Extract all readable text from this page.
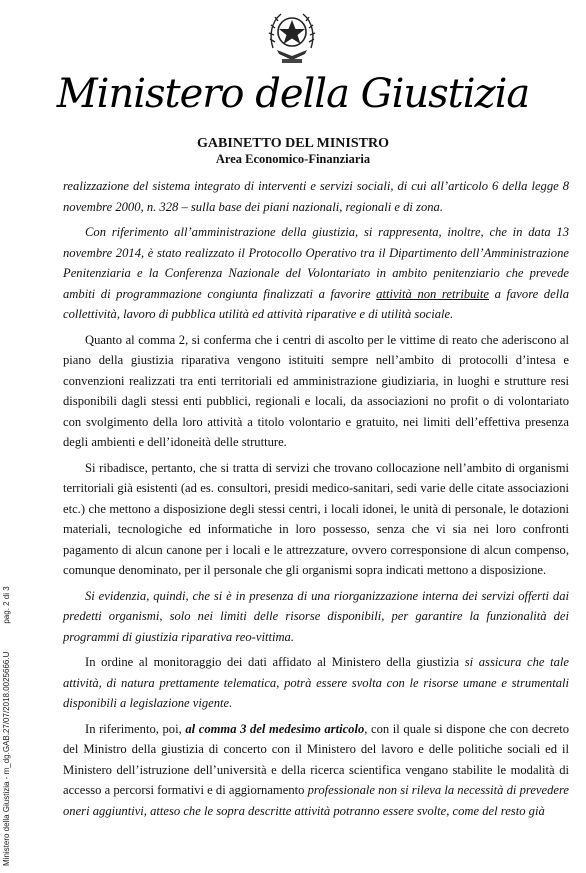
Ministero della Giustizia
GABINETTO DEL MINISTRO
Area Economico-Finanziaria

realizzazione del sistema integrato di interventi e servizi sociali, di cui all’articolo 6 della legge 8 novembre 2000, n. 328 – sulla base dei piani nazionali, regionali e di zona.

Con riferimento all’amministrazione della giustizia, si rappresenta, inoltre, che in data 13 novembre 2014, è stato realizzato il Protocollo Operativo tra il Dipartimento dell’Amministrazione Penitenziaria e la Conferenza Nazionale del Volontariato in ambito penitenziario che prevede ambiti di programmazione congiunta finalizzati a favorire attività non retribuite a favore della collettività, lavoro di pubblica utilità ed attività riparative e di utilità sociale.

Quanto al comma 2, si conferma che i centri di ascolto per le vittime di reato che aderiscono al piano della giustizia riparativa vengono istituiti sempre nell’ambito di protocolli d’intesa e convenzioni realizzati tra enti territoriali ed amministrazione giudiziaria, in luoghi e strutture resi disponibili dagli stessi enti pubblici, regionali e locali, da associazioni no profit o di volontariato con svolgimento della loro attività a titolo volontario e gratuito, nei limiti dell’effettiva presenza degli ambienti e dell’idoneità delle strutture.

Si ribadisce, pertanto, che si tratta di servizi che trovano collocazione nell’ambito di organismi territoriali già esistenti (ad es. consultori, presidi medico-sanitari, sedi varie delle citate associazioni etc.) che mettono a disposizione degli stessi centri, i locali idonei, le unità di personale, le dotazioni materiali, tecnologiche ed informatiche in loro possesso, senza che vi sia nei loro confronti pagamento di alcun canone per i locali e le attrezzature, ovvero corresponsione di alcun compenso, comunque denominato, per il personale che gli organismi sopra indicati mettono a disposizione.

Si evidenzia, quindi, che si è in presenza di una riorganizzazione interna dei servizi offerti dai predetti organismi, solo nei limiti delle risorse disponibili, per garantire la funzionalità dei programmi di giustizia riparativa reo-vittima.

In ordine al monitoraggio dei dati affidato al Ministero della giustizia si assicura che tale attività, di natura prettamente telematica, potrà essere svolta con le risorse umane e strumentali disponibili a legislazione vigente.

In riferimento, poi, al comma 3 del medesimo articolo, con il quale si dispone che con decreto del Ministro della giustizia di concerto con il Ministero del lavoro e delle politiche sociali ed il Ministero dell’istruzione dell’università e della ricerca scientifica vengano stabilite le modalità di accesso a percorsi formativi e di aggiornamento professionale non si rileva la necessità di prevedere oneri aggiuntivi, atteso che le sopra descritte attività potranno essere svolte, come del resto già

Ministero della Giustizia - m_dg.GAB.27/07/2018.0025666.Upag. 2 di 3
